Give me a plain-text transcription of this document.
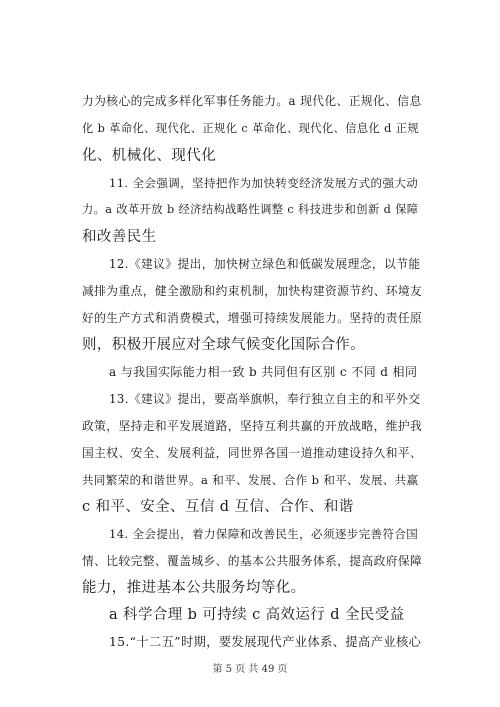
力为核心的完成多样化军事任务能力。a 现代化、正规化、信息
化 b 革命化、现代化、正规化 c 革命化、现代化、信息化 d 正规
化、机械化、现代化
11. 全会强调，坚持把作为加快转变经济发展方式的强大动
力。a 改革开放 b 经济结构战略性调整 c 科技进步和创新 d 保障
和改善民生
12.《建议》提出，加快树立绿色和低碳发展理念，以节能
减排为重点，健全激励和约束机制，加快构建资源节约、环境友
好的生产方式和消费模式，增强可持续发展能力。坚持的责任原
则，积极开展应对全球气候变化国际合作。
a 与我国实际能力相一致 b 共同但有区别 c 不同 d 相同
13.《建议》提出，要高举旗帜，奉行独立自主的和平外交
政策，坚持走和平发展道路，坚持互利共赢的开放战略，维护我
国主权、安全、发展利益，同世界各国一道推动建设持久和平、
共同繁荣的和谐世界。a 和平、发展、合作 b 和平、发展、共赢
c 和平、安全、互信 d 互信、合作、和谐
14. 全会提出，着力保障和改善民生，必须逐步完善符合国
情、比较完整、覆盖城乡、的基本公共服务体系，提高政府保障
能力，推进基本公共服务均等化。
a 科学合理 b 可持续 c 高效运行 d 全民受益
15.“十二五”时期，要发展现代产业体系、提高产业核心
第 5 页 共 49 页
